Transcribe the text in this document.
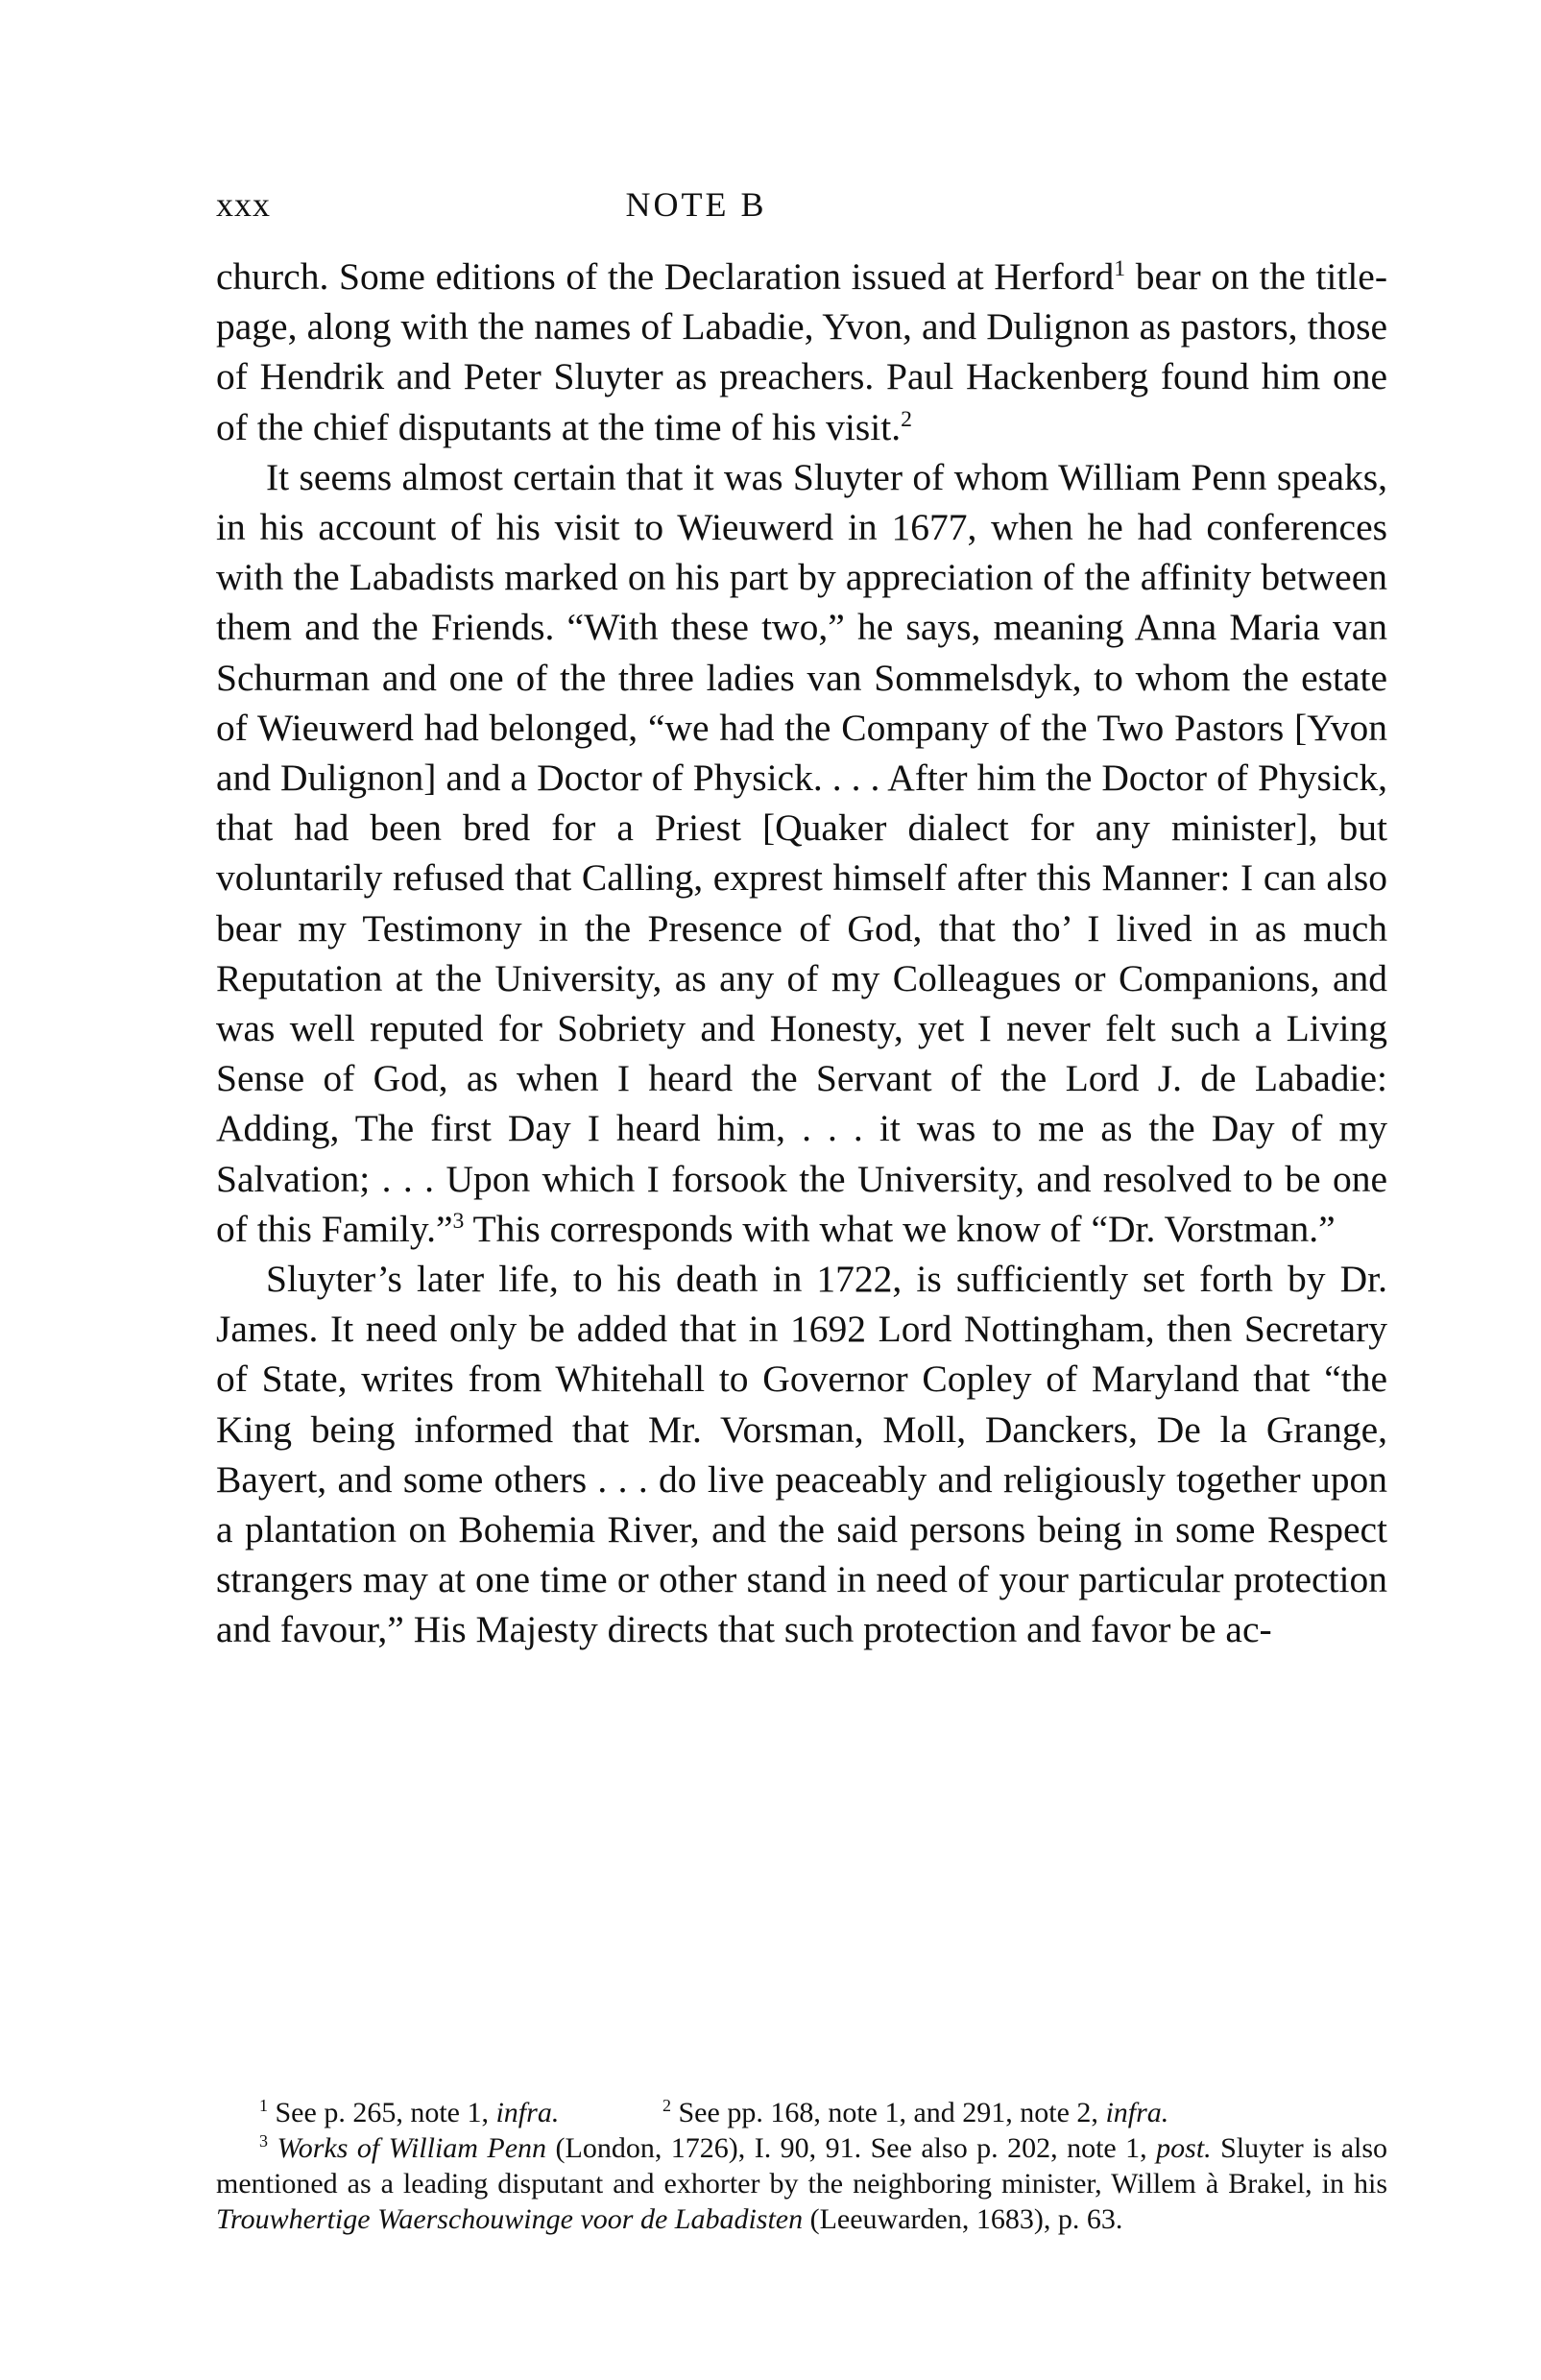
xxx	NOTE B

church. Some editions of the Declaration issued at Herford$^1$ bear on the title-page, along with the names of Labadie, Yvon, and Dulignon as pastors, those of Hendrik and Peter Sluyter as preachers. Paul Hackenberg found him one of the chief disputants at the time of his visit.$^2$

It seems almost certain that it was Sluyter of whom William Penn speaks, in his account of his visit to Wieuwerd in 1677, when he had conferences with the Labadists marked on his part by appreciation of the affinity between them and the Friends. “With these two,” he says, meaning Anna Maria van Schurman and one of the three ladies van Sommelsdyk, to whom the estate of Wieuwerd had belonged, “we had the Company of the Two Pastors [Yvon and Dulignon] and a Doctor of Physick. . . . After him the Doctor of Physick, that had been bred for a Priest [Quaker dialect for any minister], but voluntarily refused that Calling, exprest himself after this Manner: I can also bear my Testimony in the Presence of God, that tho’ I lived in as much Reputation at the University, as any of my Colleagues or Companions, and was well reputed for Sobriety and Honesty, yet I never felt such a Living Sense of God, as when I heard the Servant of the Lord J. de Labadie: Adding, The first Day I heard him, . . . it was to me as the Day of my Salvation; . . . Upon which I forsook the University, and resolved to be one of this Family.”$^3$ This corresponds with what we know of “Dr. Vorstman.”

Sluyter’s later life, to his death in 1722, is sufficiently set forth by Dr. James. It need only be added that in 1692 Lord Nottingham, then Secretary of State, writes from Whitehall to Governor Copley of Maryland that “the King being informed that Mr. Vorsman, Moll, Danckers, De la Grange, Bayert, and some others . . . do live peaceably and religiously together upon a plantation on Bohemia River, and the said persons being in some Respect strangers may at one time or other stand in need of your particular protection and favour,” His Majesty directs that such protection and favor be ac-

$^1$ See p. 265, note 1, infra.	$^2$ See pp. 168, note 1, and 291, note 2, infra.

$^3$ Works of William Penn (London, 1726), I. 90, 91. See also p. 202, note 1, post. Sluyter is also mentioned as a leading disputant and exhorter by the neighboring minister, Willem à Brakel, in his Trouwhertige Waerschouwinge voor de Labadisten (Leeuwarden, 1683), p. 63.
